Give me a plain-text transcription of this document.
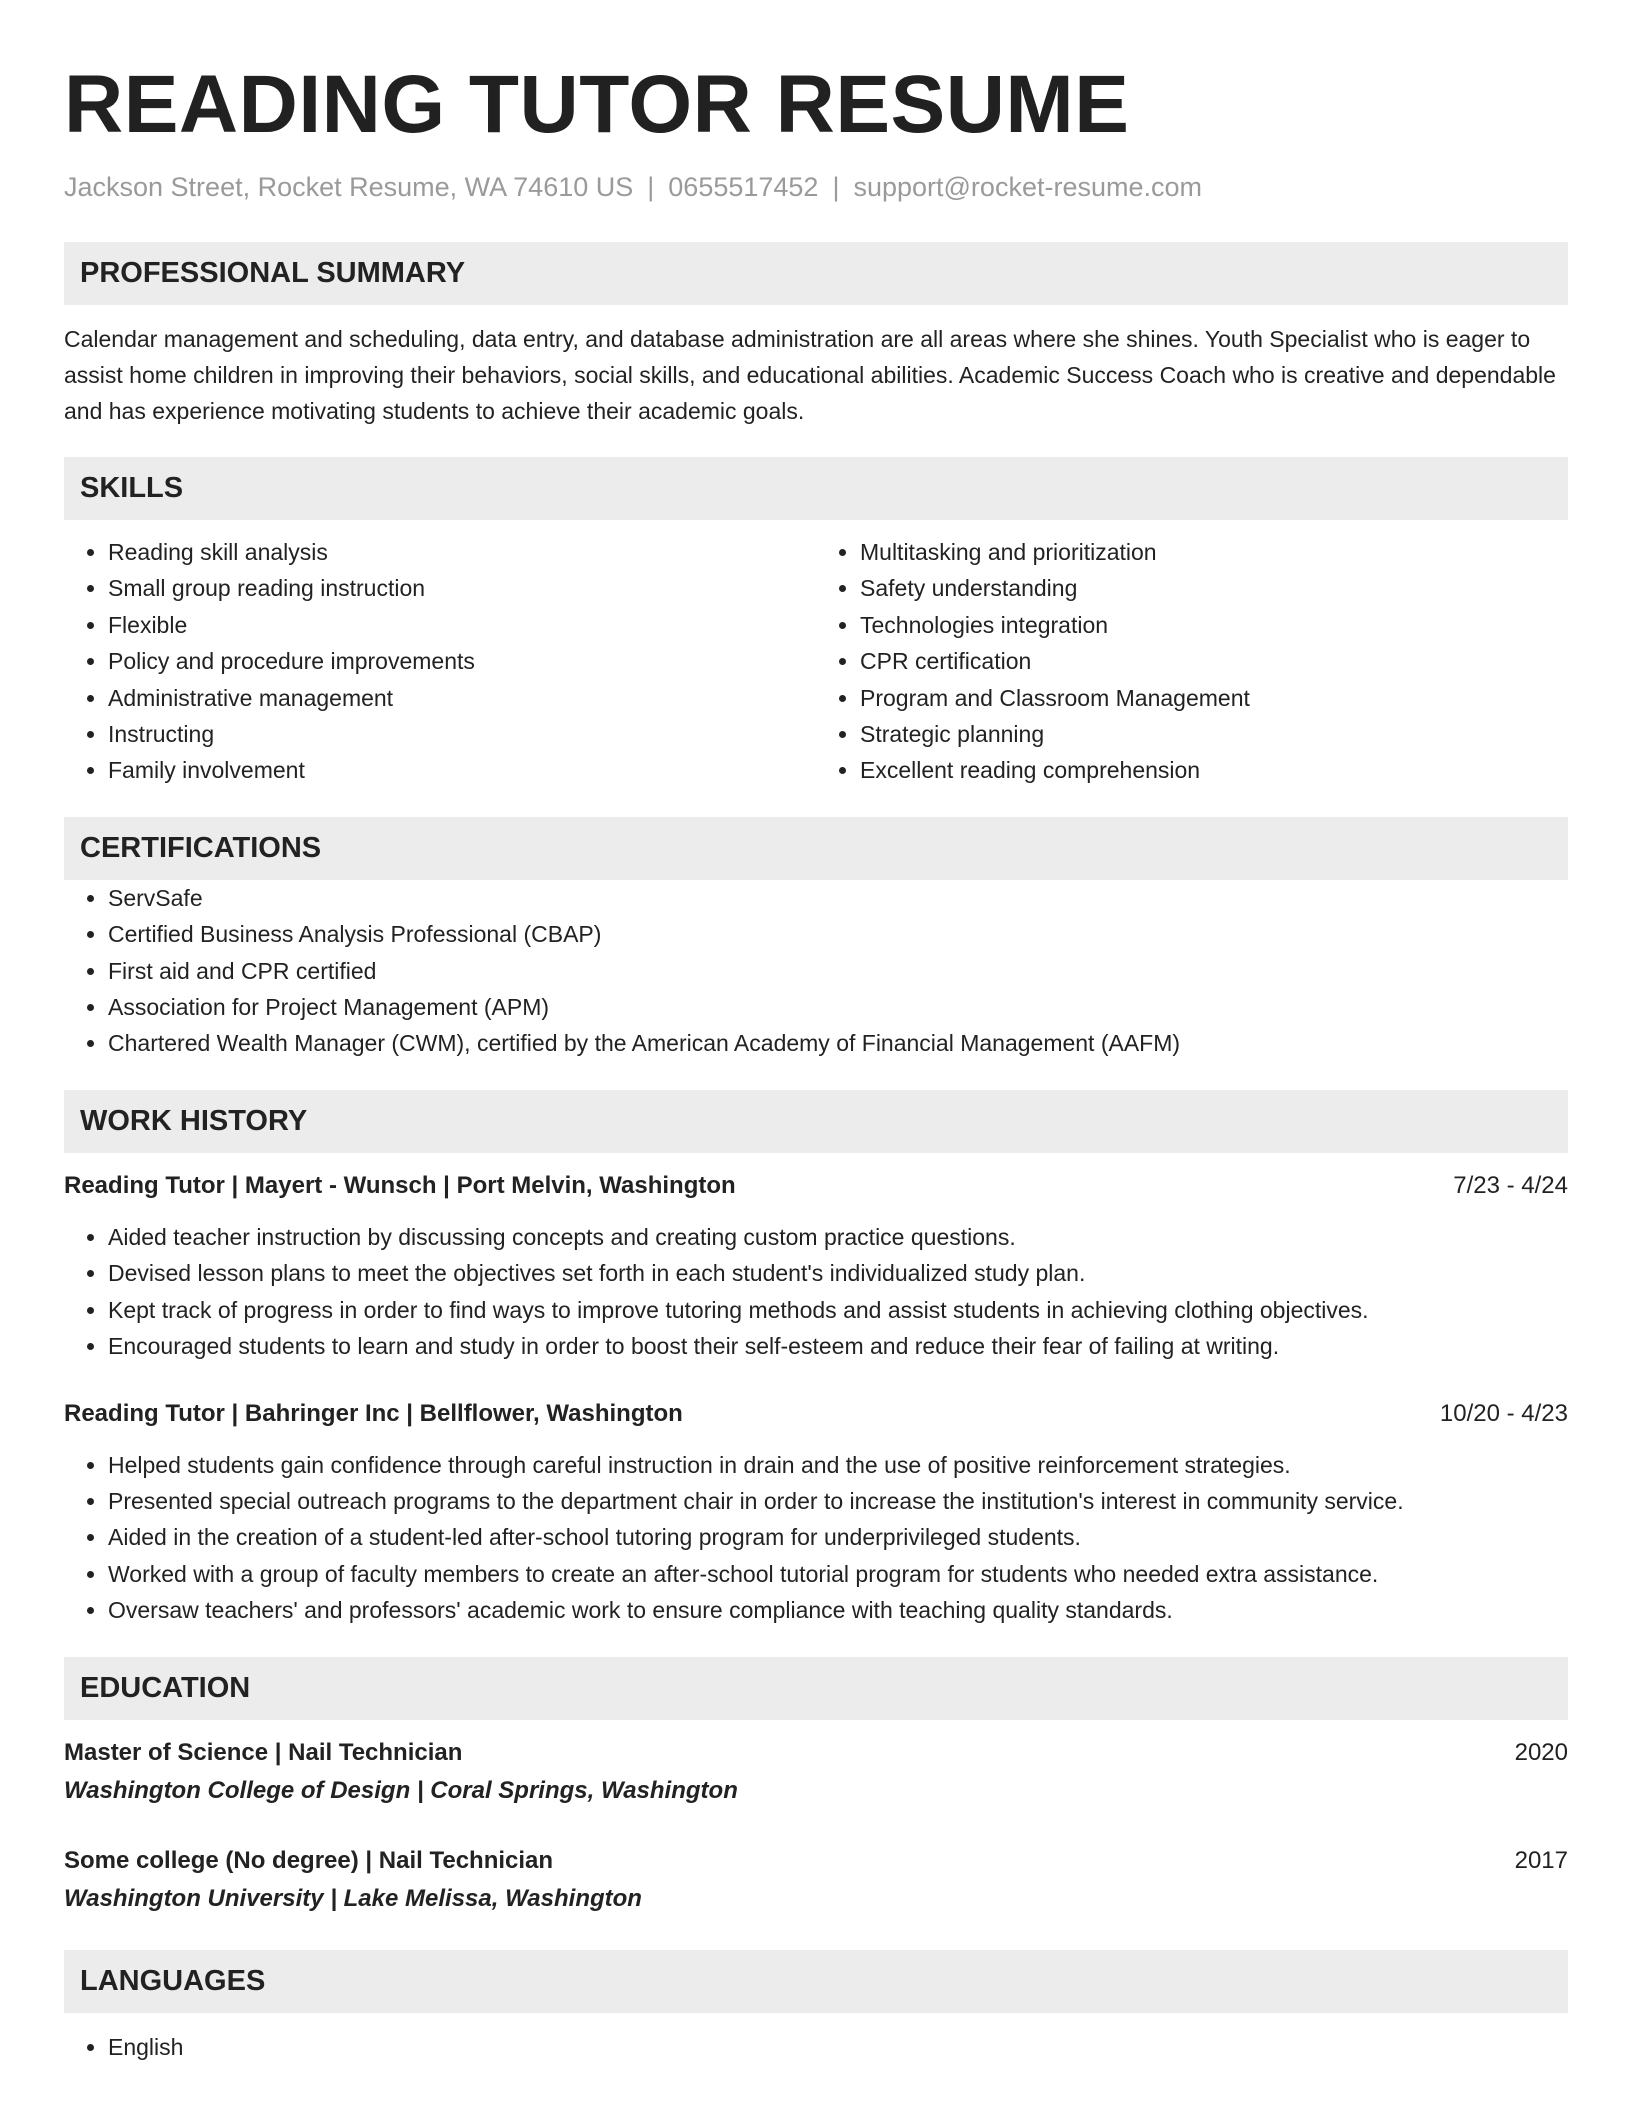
READING TUTOR RESUME
Jackson Street, Rocket Resume, WA 74610 US | 0655517452 | support@rocket-resume.com
PROFESSIONAL SUMMARY

Calendar management and scheduling, data entry, and database administration are all areas where she shines. Youth Specialist who is eager to assist home children in improving their behaviors, social skills, and educational abilities. Academic Success Coach who is creative and dependable and has experience motivating students to achieve their academic goals.

SKILLS
• Reading skill analysis
• Small group reading instruction
• Flexible
• Policy and procedure improvements
• Administrative management
• Instructing
• Family involvement
• Multitasking and prioritization
• Safety understanding
• Technologies integration
• CPR certification
• Program and Classroom Management
• Strategic planning
• Excellent reading comprehension
CERTIFICATIONS
• ServSafe
• Certified Business Analysis Professional (CBAP)
• First aid and CPR certified
• Association for Project Management (APM)
• Chartered Wealth Manager (CWM), certified by the American Academy of Financial Management (AAFM)
WORK HISTORY
Reading Tutor | Mayert - Wunsch | Port Melvin, Washington	7/23 - 4/24
• Aided teacher instruction by discussing concepts and creating custom practice questions.
• Devised lesson plans to meet the objectives set forth in each student's individualized study plan.
• Kept track of progress in order to find ways to improve tutoring methods and assist students in achieving clothing objectives.
• Encouraged students to learn and study in order to boost their self-esteem and reduce their fear of failing at writing.
Reading Tutor | Bahringer Inc | Bellflower, Washington	10/20 - 4/23
• Helped students gain confidence through careful instruction in drain and the use of positive reinforcement strategies.
• Presented special outreach programs to the department chair in order to increase the institution's interest in community service.
• Aided in the creation of a student-led after-school tutoring program for underprivileged students.
• Worked with a group of faculty members to create an after-school tutorial program for students who needed extra assistance.
• Oversaw teachers' and professors' academic work to ensure compliance with teaching quality standards.
EDUCATION
Master of Science | Nail Technician	2020
Washington College of Design | Coral Springs, Washington
Some college (No degree) | Nail Technician	2017
Washington University | Lake Melissa, Washington
LANGUAGES
• English
